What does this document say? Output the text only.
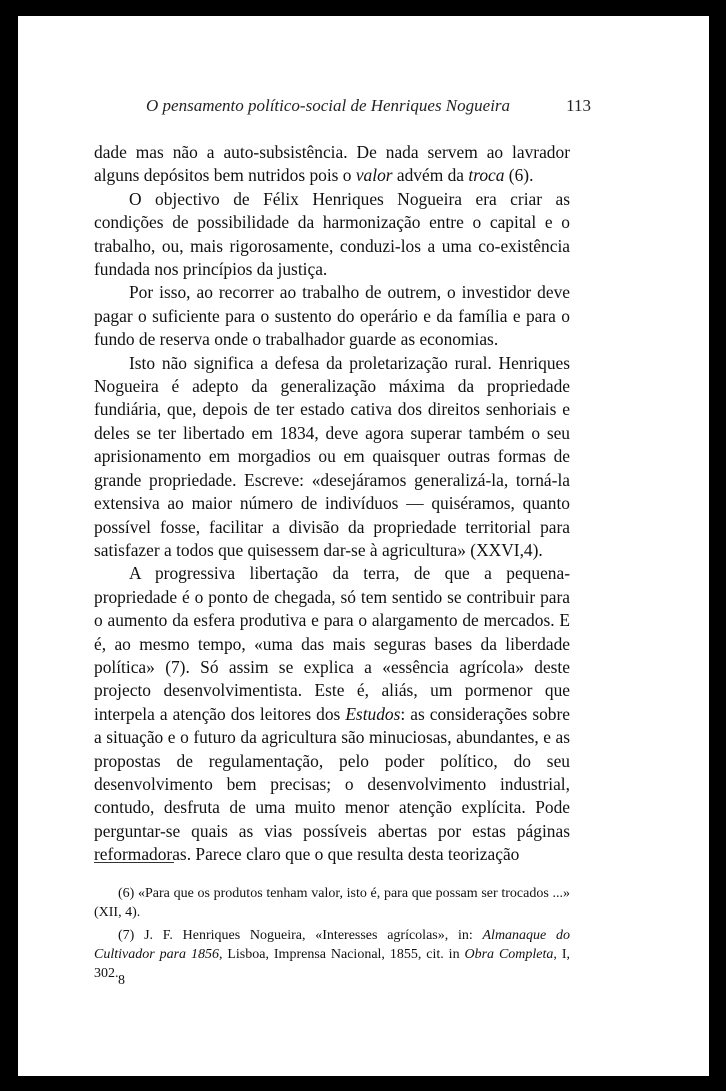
O pensamento político-social de Henriques Nogueira	113

dade mas não a auto-subsistência. De nada servem ao lavrador alguns depósitos bem nutridos pois o valor advém da troca (6).

O objectivo de Félix Henriques Nogueira era criar as condições de possibilidade da harmonização entre o capital e o trabalho, ou, mais rigorosamente, conduzi-los a uma co-existência fundada nos princípios da justiça.

Por isso, ao recorrer ao trabalho de outrem, o investidor deve pagar o suficiente para o sustento do operário e da família e para o fundo de reserva onde o trabalhador guarde as economias.

Isto não significa a defesa da proletarização rural. Henriques Nogueira é adepto da generalização máxima da propriedade fundiária, que, depois de ter estado cativa dos direitos senhoriais e deles se ter libertado em 1834, deve agora superar também o seu aprisionamento em morgadios ou em quaisquer outras formas de grande propriedade. Escreve: «desejáramos generalizá-la, torná-la extensiva ao maior número de indivíduos — quiséramos, quanto possível fosse, facilitar a divisão da propriedade territorial para satisfazer a todos que quisessem dar-se à agricultura» (XXVI,4).

A progressiva libertação da terra, de que a pequena-propriedade é o ponto de chegada, só tem sentido se contribuir para o aumento da esfera produtiva e para o alargamento de mercados. E é, ao mesmo tempo, «uma das mais seguras bases da liberdade política» (7). Só assim se explica a «essência agrícola» deste projecto desenvolvimentista. Este é, aliás, um pormenor que interpela a atenção dos leitores dos Estudos: as considerações sobre a situação e o futuro da agricultura são minuciosas, abundantes, e as propostas de regulamentação, pelo poder político, do seu desenvolvimento bem precisas; o desenvolvimento industrial, contudo, desfruta de uma muito menor atenção explícita. Pode perguntar-se quais as vias possíveis abertas por estas páginas reformadoras. Parece claro que o que resulta desta teorização

(6) «Para que os produtos tenham valor, isto é, para que possam ser trocados ...» (XII, 4).

(7) J. F. Henriques Nogueira, «Interesses agrícolas», in: Almanaque do Cultivador para 1856, Lisboa, Imprensa Nacional, 1855, cit. in Obra Completa, I, 302. 8
